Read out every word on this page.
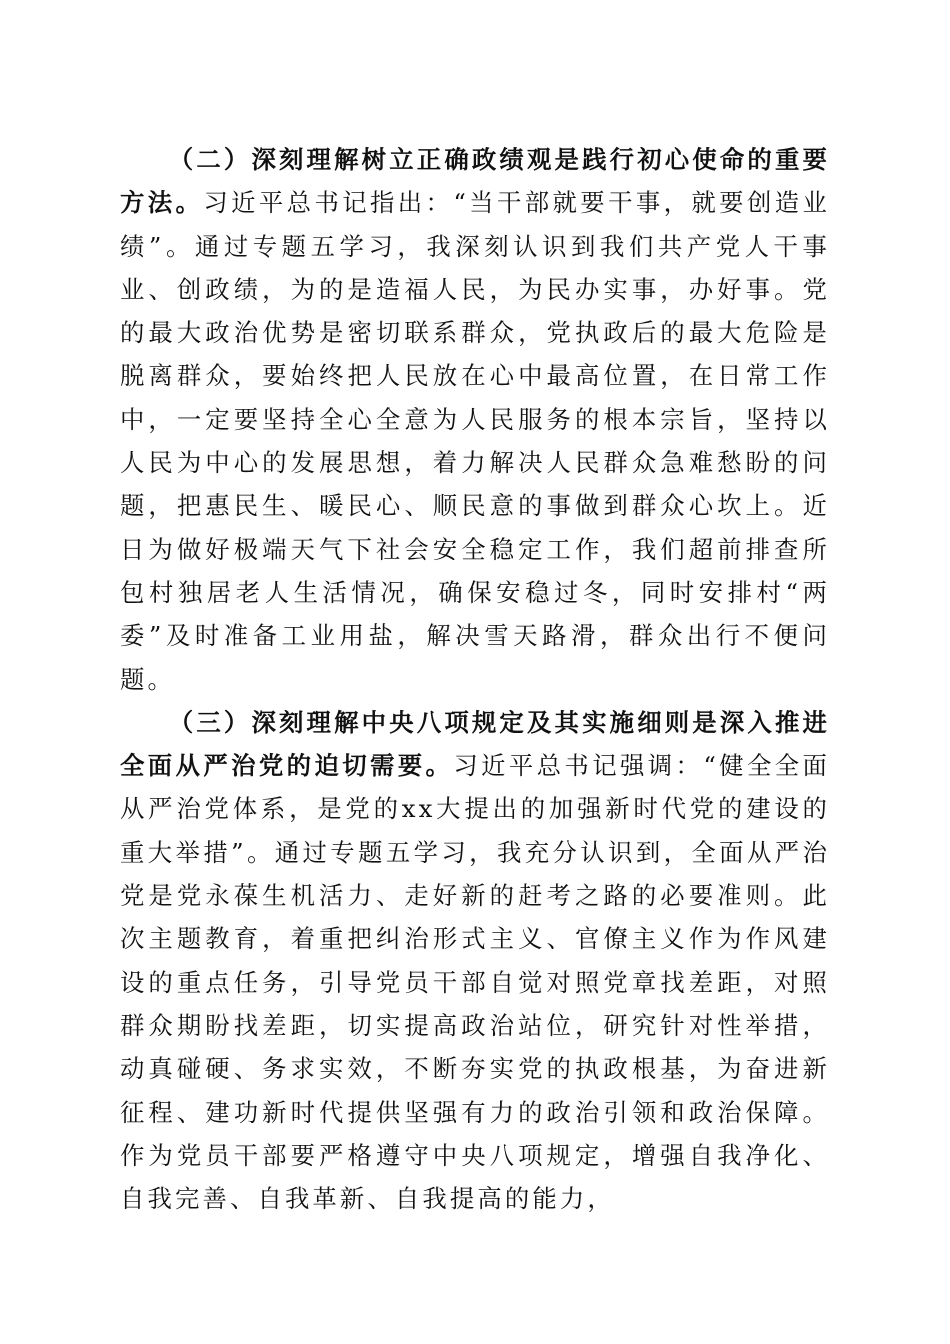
（二）深刻理解树立正确政绩观是践行初心使命的重要方法。习近平总书记指出：“当干部就要干事，就要创造业绩”。通过专题五学习，我深刻认识到我们共产党人干事业、创政绩，为的是造福人民，为民办实事，办好事。党的最大政治优势是密切联系群众，党执政后的最大危险是脱离群众，要始终把人民放在心中最高位置，在日常工作中，一定要坚持全心全意为人民服务的根本宗旨，坚持以人民为中心的发展思想，着力解决人民群众急难愁盼的问题，把惠民生、暖民心、顺民意的事做到群众心坎上。近日为做好极端天气下社会安全稳定工作，我们超前排查所包村独居老人生活情况，确保安稳过冬，同时安排村“两委”及时准备工业用盐，解决雪天路滑，群众出行不便问题。

（三）深刻理解中央八项规定及其实施细则是深入推进全面从严治党的迫切需要。习近平总书记强调：“健全全面从严治党体系，是党的xx大提出的加强新时代党的建设的重大举措”。通过专题五学习，我充分认识到，全面从严治党是党永葆生机活力、走好新的赶考之路的必要准则。此次主题教育，着重把纠治形式主义、官僚主义作为作风建设的重点任务，引导党员干部自觉对照党章找差距，对照群众期盼找差距，切实提高政治站位，研究针对性举措，动真碰硬、务求实效，不断夯实党的执政根基，为奋进新征程、建功新时代提供坚强有力的政治引领和政治保障。作为党员干部要严格遵守中央八项规定，增强自我净化、自我完善、自我革新、自我提高的能力，
